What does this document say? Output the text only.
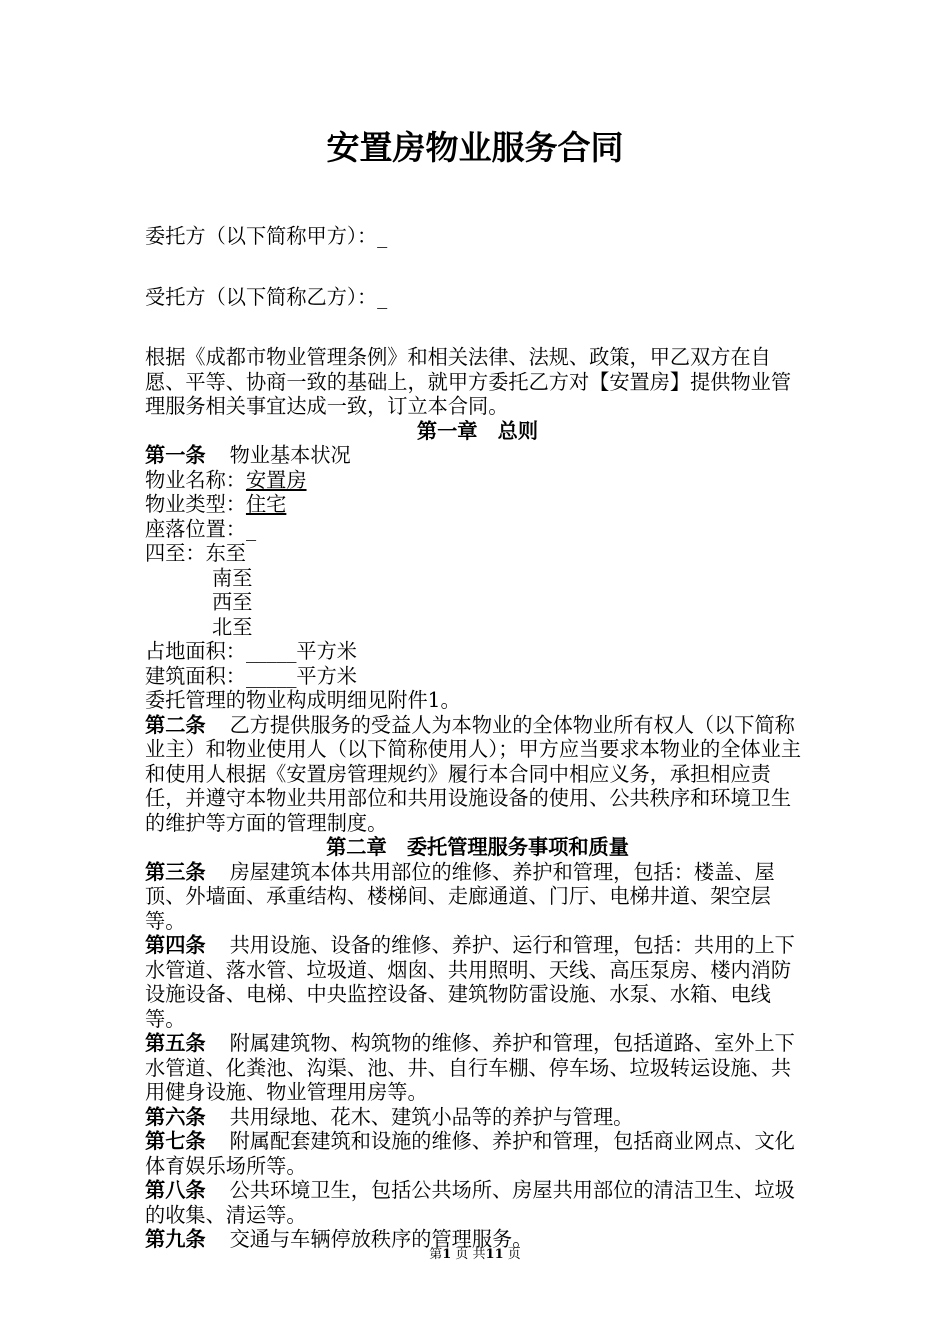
安置房物业服务合同

委托方（以下简称甲方）：_

受托方（以下简称乙方）：_

根据《成都市物业管理条例》和相关法律、法规、政策，甲乙双方在自愿、平等、协商一致的基础上，就甲方委托乙方对【安置房】提供物业管理服务相关事宜达成一致，订立本合同。

第一章　总则

第一条 物业基本状况

物业名称：安置房

物业类型：住宅

座落位置：_

四至：东至

南至

西至

北至

占地面积：_____平方米

建筑面积：_____平方米

委托管理的物业构成明细见附件1。

第二条 乙方提供服务的受益人为本物业的全体物业所有权人（以下简称业主）和物业使用人（以下简称使用人）；甲方应当要求本物业的全体业主和使用人根据《安置房管理规约》履行本合同中相应义务，承担相应责任，并遵守本物业共用部位和共用设施设备的使用、公共秩序和环境卫生的维护等方面的管理制度。

第二章　委托管理服务事项和质量

第三条 房屋建筑本体共用部位的维修、养护和管理，包括：楼盖、屋顶、外墙面、承重结构、楼梯间、走廊通道、门厅、电梯井道、架空层等。

第四条 共用设施、设备的维修、养护、运行和管理，包括：共用的上下水管道、落水管、垃圾道、烟囱、共用照明、天线、高压泵房、楼内消防设施设备、电梯、中央监控设备、建筑物防雷设施、水泵、水箱、电线等。

第五条 附属建筑物、构筑物的维修、养护和管理，包括道路、室外上下水管道、化粪池、沟渠、池、井、自行车棚、停车场、垃圾转运设施、共用健身设施、物业管理用房等。

第六条 共用绿地、花木、建筑小品等的养护与管理。

第七条 附属配套建筑和设施的维修、养护和管理，包括商业网点、文化体育娱乐场所等。

第八条 公共环境卫生，包括公共场所、房屋共用部位的清洁卫生、垃圾的收集、清运等。

第九条 交通与车辆停放秩序的管理服务。

第1 页 共11 页
